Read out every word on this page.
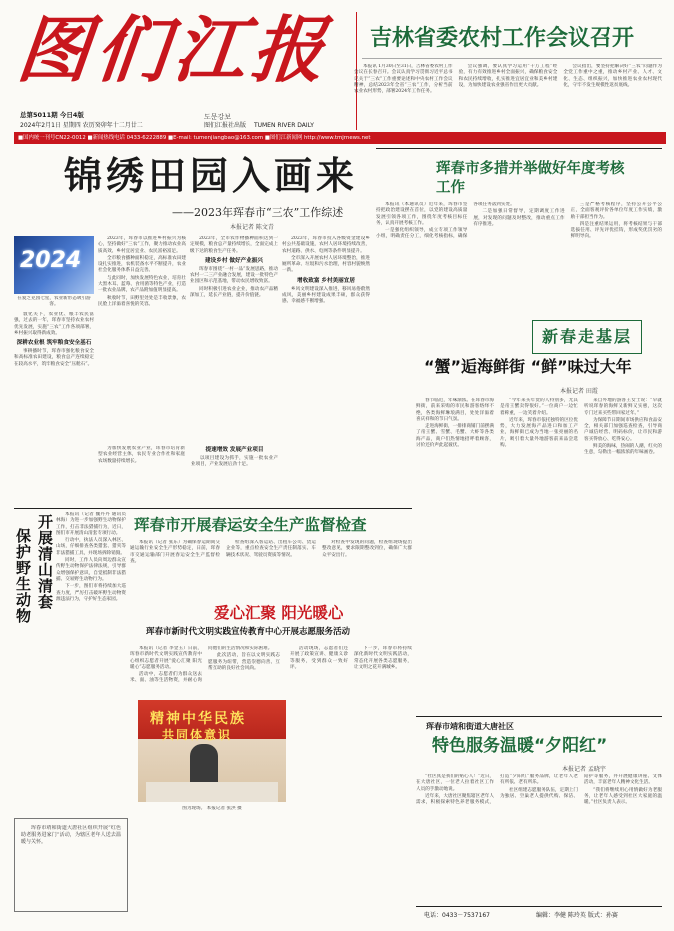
图们江报
도문강보
总第5011期 今日4版
2024年2月1日 星期四 农历癸卯年十二月廿二	图们江报社出版 TUMEN RIVER DAILY
吉林省委农村工作会议召开

本报讯 1月30日至31日，吉林省委农村工作会议在长春召开。会议认真学习贯彻习近平总书记关于“三农”工作重要论述和中央农村工作会议精神，总结2023年全省“三农”工作，分析当前农业农村形势，部署2024年工作任务。

会议强调，要认真学习运用“千万工程”经验，有力有效推进乡村全面振兴，确保粮食安全和农民持续增收，扎实推进宜居宜业和美乡村建设，为加快建设农业强省作出更大贡献。

会议指出，要坚持把解决好“三农”问题作为全党工作重中之重，推动乡村产业、人才、文化、生态、组织振兴，加快推进农业农村现代化，守牢不发生规模性返贫底线。

■国内统一刊号CN22-0012 ■新闻热线电话 0433-6222889 ■E-mail: tumenjiangbao@163.com ■图们江新闻网 http://www.tmjrnews.net
锦绣田园入画来
——2023年珲春市“三农”工作综述
本报记者 陈文青
2024
在爱芝克园七星，农业新形态吸引游客。

敦化关下，农业优、粮丰农民富强，过去的一年，珲春市坚持农业农村优先发展，实施“三农”工作各项部署，乡村振兴取得新成效。

深耕农业根 筑牢粮食安全基石

事耕播时节，珲春市强化粮食安全和高标准农田建设，粮食总产连续稳定在较高水平，筑牢粮食安全“压舱石”。

2023年，珲春市以推进乡村振兴为核心，坚持做好“三农”工作，聚力推动农业高质高效、乡村宜居宜业、农民富裕富足。

全市粮食播种面积稳定，高标准农田建设扎实推进，农机装备水平不断提升，农业社会化服务体系日益完善。

与此同时，加快发展特色农业，培育壮大黑木耳、蓝莓、食用菌等特色产业，打造一批农业品牌，农产品附加值明显提高。

秋收时节，田野里处处是丰收景象，农民脸上洋溢着喜悦的笑容。

2023年，全市农作物播种面积达到一定规模，粮食总产量持续增长，全面完成上级下达的粮食生产任务。

建设乡村 做好产业振兴

珲春市围绕“一村一品”发展思路，推动农村一二三产业融合发展，建设一批特色产业园区和示范基地，带动农民增收致富。

同时积极引进农业企业，推动农产品精深加工，延长产业链，提升价值链。

2023年，珲春市投入各级资金建设乡村公共基础设施，农村人居环境持续改善，农村道路、供水、电网等条件明显提升。

全市深入开展农村人居环境整治，推进厕所革命、垃圾和污水治理，村容村貌焕然一新。

增收致富 乡村美丽宜居

乡风文明建设深入推进，移风易俗蔚然成风，美丽乡村建设成果丰硕，群众获得感、幸福感不断增强。

为加快发展农业产业，珲春市培育新型农业经营主体，农民专业合作社和家庭农场数量持续增长。

提速增效 发展产业项目

以项目建设为抓手，实施一批农业产业项目，产业发展后劲十足。

珲春市多措并举做好年度考核工作

本报讯（本通讯员）近年来，珲春市坚持把政治建设摆在首位，以党的建设高质量发展引领各项工作，围绕年度考核目标任务，认真开展考核工作。

一是强化组织领导，成立专项工作领导小组，明确责任分工，细化考核指标，确保各项任务落到实处。

二是加强日常督导，定期调度工作进展，对发现的问题及时整改，推动重点工作有序推进。

三是严格考核程序，坚持公开公平公正，全面客观评价各单位年度工作实绩，激励干部担当作为。

四是注重结果运用，将考核结果与干部选拔任用、评先评优挂钩，形成奖优罚劣的鲜明导向。

新春走基层
“蟹”逅海鲜街 “鲜”味过大年
本报记者 田霞

春节临近，年味渐浓。在珲春市海鲜街，前来采购的市民和游客络绎不绝，各类海鲜琳琅满目，处处洋溢着喜庆祥和的节日气氛。

走进海鲜街，一排排商铺门前摆满了帝王蟹、雪蟹、毛蟹、大虾等各类海产品，商户们热情地招呼着顾客，讨价还价声此起彼伏。

“今年来买年货的人特别多，尤其是帝王蟹卖得很好。”一位商户一边忙着称重，一边笑着介绍。

近年来，珲春市依托独特的区位优势，大力发展海产品进口和加工产业，海鲜街已成为当地一张亮丽的名片，吸引着大量外地游客前来品尝选购。

来自外地的游客王女士说：“早就听说珲春的海鲜又新鲜又实惠，这次专门过来买些带回家过年。”

为保障节日期间市场供应和食品安全，相关部门加强巡查检查，引导商户诚信经营、明码标价，让市民和游客买得放心、吃得安心。

鲜美的海味，热闹的人潮，红火的生意，勾勒出一幅浓浓的年味画卷。

开展清山清套
保护野生动物

本报讯（记者 魏丹丹 通讯员 林海）为进一步加强野生动物保护工作，打击非法猎捕行为，近日，图们市开展清山清套专项行动。

行动中，执法人员深入林区、山场，仔细排查各类猎套、猎夹等非法猎捕工具，并现场拆除销毁。

同时，工作人员向周边群众宣传野生动物保护法律法规，引导群众增强保护意识，自觉抵制非法猎捕、交易野生动物行为。

下一步，图们市将持续加大巡查力度，严厉打击破坏野生动物资源违法行为，守护好生态家园。

珲春市开展春运安全生产监督检查

本报讯（记者 张东）为确保春运期间交通运输行业安全生产形势稳定，日前，珲春市交通运输部门开展春运安全生产监督检查。

检查组深入客运站、出租车公司、货运企业等，重点检查安全生产责任制落实、车辆技术状况、驾驶员资质等情况。

对检查中发现的问题，检查组现场提出整改意见，要求限期整改到位，确保广大群众平安出行。

爱心汇聚 阳光暖心
珲春市新时代文明实践宣传教育中心开展志愿服务活动

本报讯（记者 李金玉）日前，珲春市新时代文明实践宣传教育中心组织志愿者开展“爱心汇聚 阳光暖心”志愿服务活动。

活动中，志愿者们为群众送去米、面、油等生活物资，并耐心询问他们的生活情况和实际困难。

此次活动，旨在以文明实践志愿服务为纽带，营造崇德向善、互帮互助的良好社会风尚。

精神中华民族
共同体意识

活动现场，志愿者们还开展了政策宣讲、健康义诊等服务，受到群众一致好评。

下一步，珲春市将持续深化新时代文明实践活动，常态化开展各类志愿服务，让文明之花开满城乡。

图为现场。 本报记者 张洪 摄
珲春市靖和街道大唐社区
特色服务温暖“夕阳红”
本报记者 孟晓宇

“社区真是我们的贴心人！”近日，在大唐社区，一位老人拉着社区工作人员的手激动地说。

近年来，大唐社区聚焦辖区老年人需求，积极探索特色养老服务模式，打造“夕阳红”服务品牌，让老年人老有所依、老有所乐。

社区组建志愿服务队伍，定期上门为独居、空巢老人提供代购、保洁、陪护等服务，并开展健康讲座、文体活动，丰富老年人精神文化生活。

“我们将继续用心用情做好为老服务，让老年人感受到社区大家庭的温暖。”社区负责人表示。

珲春市靖和街道大唐社区组织开展“红色助老服务进家门”活动，为辖区老年人送去温暖与关怀。
电话：0433－7537167	编辑：李健 陈玲英 版式：孙赛
